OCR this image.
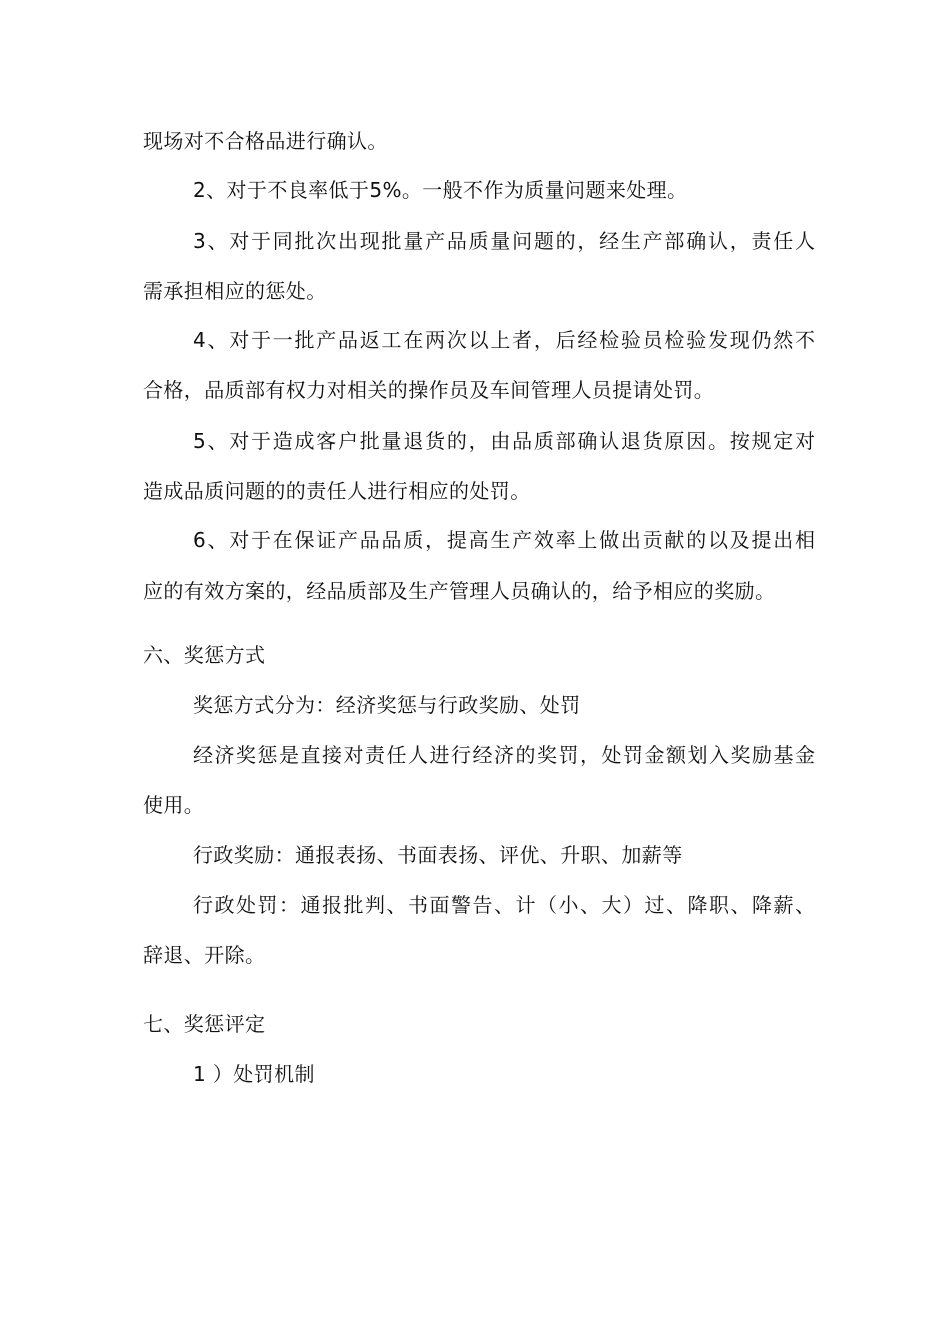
现场对不合格品进行确认。
2、对于不良率低于5%。一般不作为质量问题来处理。
3、对于同批次出现批量产品质量问题的，经生产部确认，责任人
需承担相应的惩处。
4、对于一批产品返工在两次以上者，后经检验员检验发现仍然不
合格，品质部有权力对相关的操作员及车间管理人员提请处罚。
5、对于造成客户批量退货的，由品质部确认退货原因。按规定对
造成品质问题的的责任人进行相应的处罚。
6、对于在保证产品品质，提高生产效率上做出贡献的以及提出相
应的有效方案的，经品质部及生产管理人员确认的，给予相应的奖励。
六、奖惩方式
奖惩方式分为：经济奖惩与行政奖励、处罚
经济奖惩是直接对责任人进行经济的奖罚，处罚金额划入奖励基金
使用。
行政奖励：通报表扬、书面表扬、评优、升职、加薪等
行政处罚：通报批判、书面警告、计（小、大）过、降职、降薪、
辞退、开除。
七、奖惩评定
1 ）处罚机制
